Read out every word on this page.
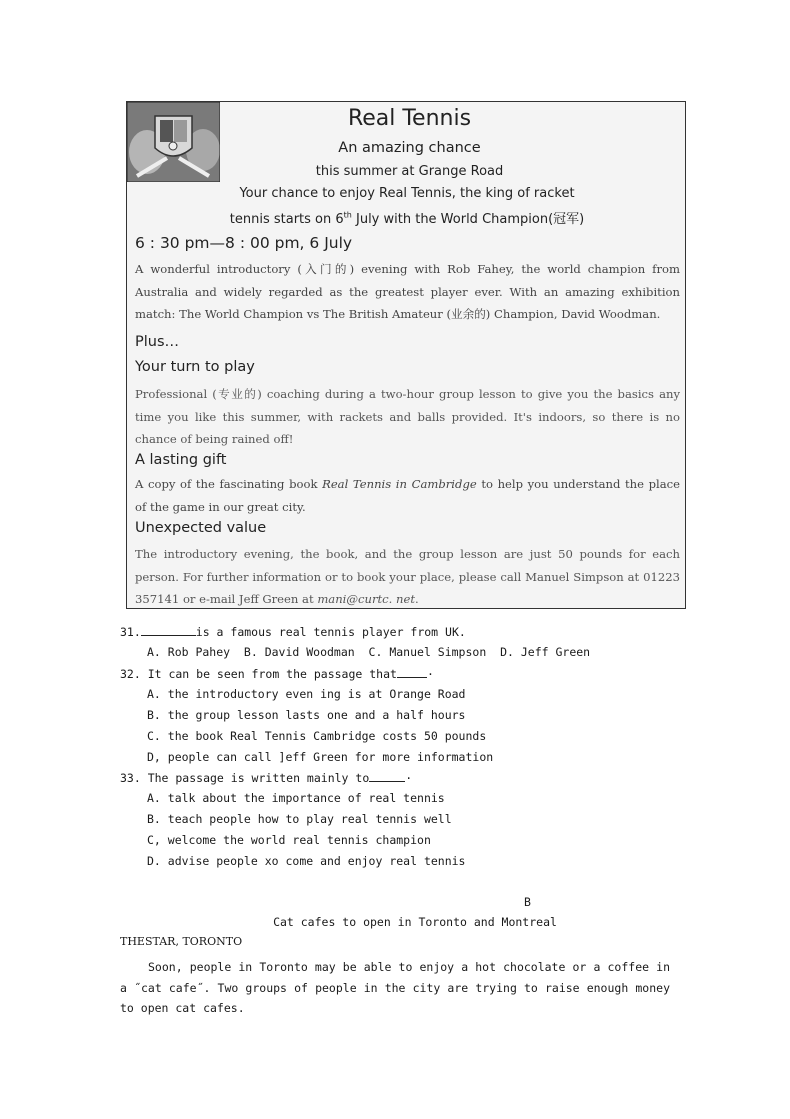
Real Tennis
An amazing chance
this summer at Grange Road
Your chance to enjoy Real Tennis, the king of racket
tennis starts on 6th July with the World Champion(冠军)
6 : 30 pm—8 : 00 pm, 6 July
A wonderful introductory (入门的) evening with Rob Fahey, the world champion from Australia and widely regarded as the greatest player ever. With an amazing exhibition match: The World Champion vs The British Amateur (业余的) Champion, David Woodman.
Plus…
Your turn to play
Professional (专业的) coaching during a two-hour group lesson to give you the basics any time you like this summer, with rackets and balls provided. It's indoors, so there is no chance of being rained off!
A lasting gift
A copy of the fascinating book Real Tennis in Cambridge to help you understand the place of the game in our great city.
Unexpected value
The introductory evening, the book, and the group lesson are just 50 pounds for each person. For further information or to book your place, please call Manuel Simpson at 01223 357141 or e-mail Jeff Green at mani@curtc. net.
31.	is a famous real tennis player from UK.
A. Rob Pahey  B. David Woodman  C. Manuel Simpson  D. Jeff Green
32. It can be seen from the passage that	·
A. the introductory even ing is at Orange Road
B. the group lesson lasts one and a half hours
C. the book Real Tennis Cambridge costs 50 pounds
D, people can call ]eff Green for more information
33. The passage is written mainly to	·
A. talk about the importance of real tennis
B. teach people how to play real tennis well
C, welcome the world real tennis champion
D. advise people xo come and enjoy real tennis
B
Cat cafes to open in Toronto and Montreal
THESTAR, TORONTO
Soon, people in Toronto may be able to enjoy a hot chocolate or a coffee in a ˝cat cafe˝. Two groups of people in the city are trying to raise enough money to open cat cafes.
